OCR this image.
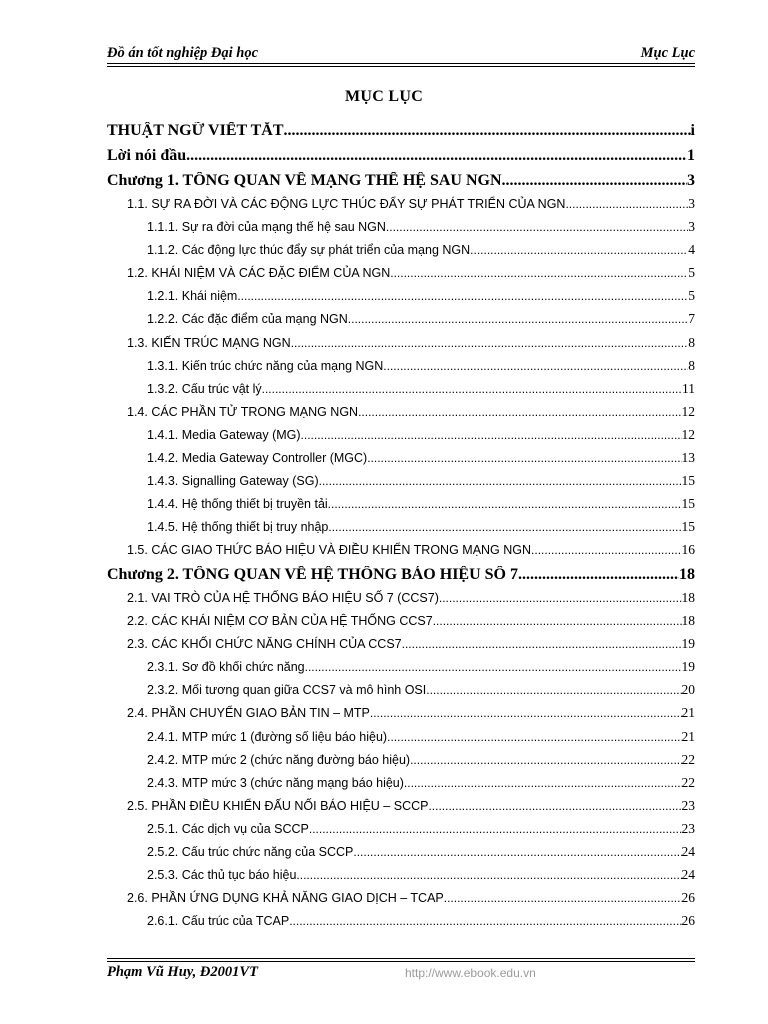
Đồ án tốt nghiệp Đại học	Mục Lục
MỤC LỤC
THUẬT NGỮ VIẾT TẮT .....	i
Lời nói đầu .....	1
Chương 1. TỔNG QUAN VỀ MẠNG THẾ HỆ SAU NGN .....	3
1.1. SỰ RA ĐỜI VÀ CÁC ĐỘNG LỰC THÚC ĐẨY SỰ PHÁT TRIỂN CỦA NGN .....	3
1.1.1. Sự ra đời của mạng thế hệ sau NGN .....	3
1.1.2. Các động lực thúc đẩy sự phát triển của mạng NGN .....	4
1.2. KHÁI NIỆM VÀ CÁC ĐẶC ĐIỂM CỦA NGN .....	5
1.2.1. Khái niệm .....	5
1.2.2. Các đặc điểm của mạng NGN .....	7
1.3. KIẾN TRÚC MẠNG NGN .....	8
1.3.1. Kiến trúc chức năng của mạng NGN .....	8
1.3.2. Cấu trúc vật lý .....	11
1.4. CÁC PHẦN TỬ TRONG MẠNG NGN .....	12
1.4.1. Media Gateway (MG) .....	12
1.4.2. Media Gateway Controller (MGC) .....	13
1.4.3. Signalling Gateway (SG) .....	15
1.4.4. Hệ thống thiết bị truyền tải .....	15
1.4.5. Hệ thống thiết bị truy nhập .....	15
1.5. CÁC GIAO THỨC BÁO HIỆU VÀ ĐIỀU KHIỂN TRONG MẠNG NGN .....	16
Chương 2. TỔNG QUAN VỀ HỆ THỐNG BÁO HIỆU SỐ 7 .....	18
2.1. VAI TRÒ CỦA HỆ THỐNG BÁO HIỆU SỐ 7 (CCS7) .....	18
2.2. CÁC KHÁI NIỆM CƠ BẢN CỦA HỆ THỐNG CCS7 .....	18
2.3. CÁC KHỐI CHỨC NĂNG CHÍNH CỦA CCS7 .....	19
2.3.1. Sơ đồ khối chức năng .....	19
2.3.2. Mối tương quan giữa CCS7 và mô hình OSI .....	20
2.4. PHẦN CHUYỂN GIAO BẢN TIN – MTP .....	21
2.4.1. MTP mức 1 (đường số liệu báo hiệu) .....	21
2.4.2. MTP mức 2 (chức năng đường báo hiệu) .....	22
2.4.3. MTP mức 3 (chức năng mạng báo hiệu) .....	22
2.5. PHẦN ĐIỀU KHIỂN ĐẤU NỐI BÁO HIỆU – SCCP .....	23
2.5.1. Các dịch vụ của SCCP .....	23
2.5.2. Cấu trúc chức năng của SCCP .....	24
2.5.3. Các thủ tục báo hiệu .....	24
2.6. PHẦN ỨNG DỤNG KHẢ NĂNG GIAO DỊCH – TCAP .....	26
2.6.1. Cấu trúc của TCAP .....	26
Phạm Vũ Huy, Đ2001VT	http://www.ebook.edu.vn
